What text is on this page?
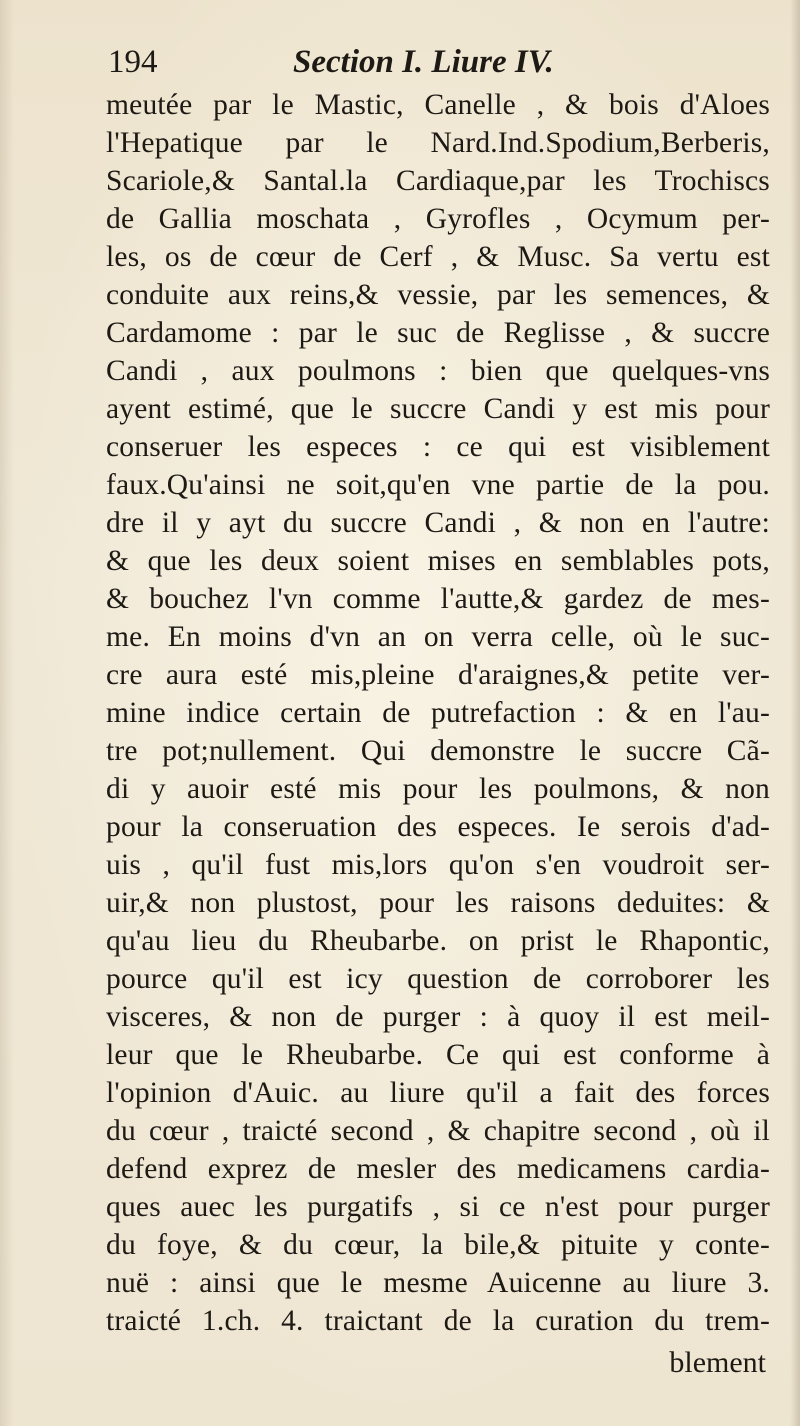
194	Section I. Liure IV.
meutée par le Mastic, Canelle , & bois d'Aloes
l'Hepatique par le Nard.Ind.Spodium,Berberis,
Scariole,& Santal.la Cardiaque,par les Trochiscs
de Gallia moschata , Gyrofles , Ocymum per-
les, os de cœur de Cerf , & Musc. Sa vertu est
conduite aux reins,& vessie, par les semences, &
Cardamome : par le suc de Reglisse , & succre
Candi , aux poulmons : bien que quelques-vns
ayent estimé, que le succre Candi y est mis pour
conseruer les especes : ce qui est visiblement
faux.Qu'ainsi ne soit,qu'en vne partie de la pou.
dre il y ayt du succre Candi , & non en l'autre:
& que les deux soient mises en semblables pots,
& bouchez l'vn comme l'autte,& gardez de mes-
me. En moins d'vn an on verra celle, où le suc-
cre aura esté mis,pleine d'araignes,& petite ver-
mine indice certain de putrefaction : & en l'au-
tre pot;nullement. Qui demonstre le succre Cã-
di y auoir esté mis pour les poulmons, & non
pour la conseruation des especes. Ie serois d'ad-
uis , qu'il fust mis,lors qu'on s'en voudroit ser-
uir,& non plustost, pour les raisons deduites: &
qu'au lieu du Rheubarbe. on prist le Rhapontic,
pource qu'il est icy question de corroborer les
visceres, & non de purger : à quoy il est meil-
leur que le Rheubarbe. Ce qui est conforme à
l'opinion d'Auic. au liure qu'il a fait des forces
du cœur , traicté second , & chapitre second , où il
defend exprez de mesler des medicamens cardia-
ques auec les purgatifs , si ce n'est pour purger
du foye, & du cœur, la bile,& pituite y conte-
nuë : ainsi que le mesme Auicenne au liure 3.
traicté 1.ch. 4. traictant de la curation du trem-
blement
